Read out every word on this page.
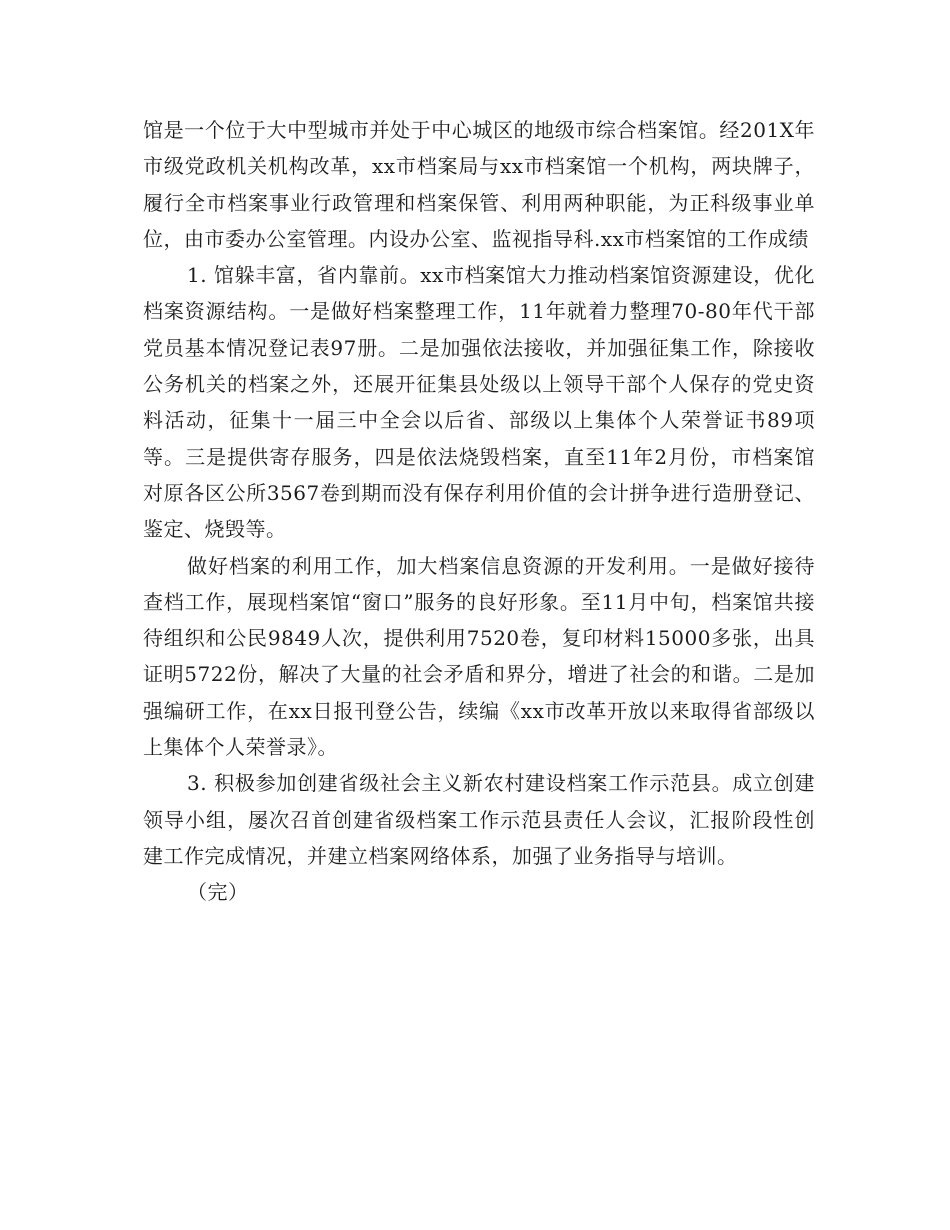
馆是一个位于大中型城市并处于中心城区的地级市综合档案馆。经201X年市级党政机关机构改革，xx市档案局与xx市档案馆一个机构，两块牌子，履行全市档案事业行政管理和档案保管、利用两种职能，为正科级事业单位，由市委办公室管理。内设办公室、监视指导科.xx市档案馆的工作成绩

1. 馆躲丰富，省内靠前。xx市档案馆大力推动档案馆资源建设，优化档案资源结构。一是做好档案整理工作，11年就着力整理70-80年代干部党员基本情况登记表97册。二是加强依法接收，并加强征集工作，除接收公务机关的档案之外，还展开征集县处级以上领导干部个人保存的党史资料活动，征集十一届三中全会以后省、部级以上集体个人荣誉证书89项等。三是提供寄存服务，四是依法烧毁档案，直至11年2月份，市档案馆对原各区公所3567卷到期而没有保存利用价值的会计拼争进行造册登记、鉴定、烧毁等。

做好档案的利用工作，加大档案信息资源的开发利用。一是做好接待查档工作，展现档案馆“窗口”服务的良好形象。至11月中旬，档案馆共接待组织和公民9849人次，提供利用7520卷，复印材料15000多张，出具证明5722份，解决了大量的社会矛盾和界分，增进了社会的和谐。二是加强编研工作，在xx日报刊登公告，续编《xx市改革开放以来取得省部级以上集体个人荣誉录》。

3. 积极参加创建省级社会主义新农村建设档案工作示范县。成立创建领导小组，屡次召首创建省级档案工作示范县责任人会议，汇报阶段性创建工作完成情况，并建立档案网络体系，加强了业务指导与培训。

（完）
